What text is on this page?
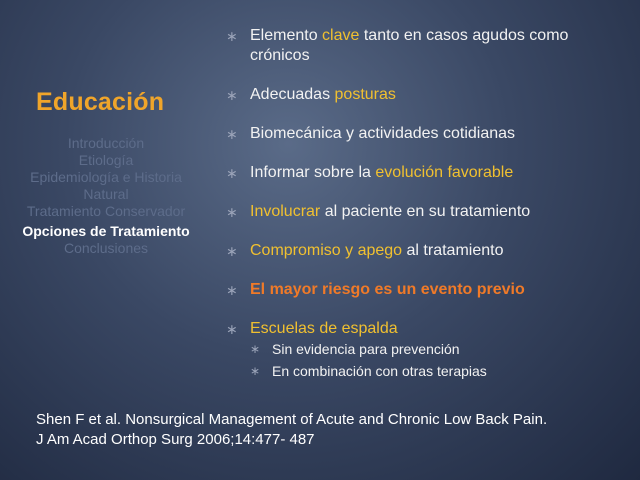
Educación
Introducción
Etiología
Epidemiología e Historia Natural
Tratamiento Conservador
Opciones de Tratamiento
Conclusiones
∗ Elemento clave tanto en casos agudos como crónicos
∗ Adecuadas posturas
∗ Biomecánica y actividades cotidianas
∗ Informar sobre la evolución favorable
∗ Involucrar al paciente en su tratamiento
∗ Compromiso y apego al tratamiento
∗ El mayor riesgo es un evento previo
∗ Escuelas de espalda
∗ Sin evidencia para prevención
∗ En combinación con otras terapias
Shen F et al. Nonsurgical Management of Acute and Chronic Low Back Pain.
J Am Acad Orthop Surg 2006;14:477- 487
